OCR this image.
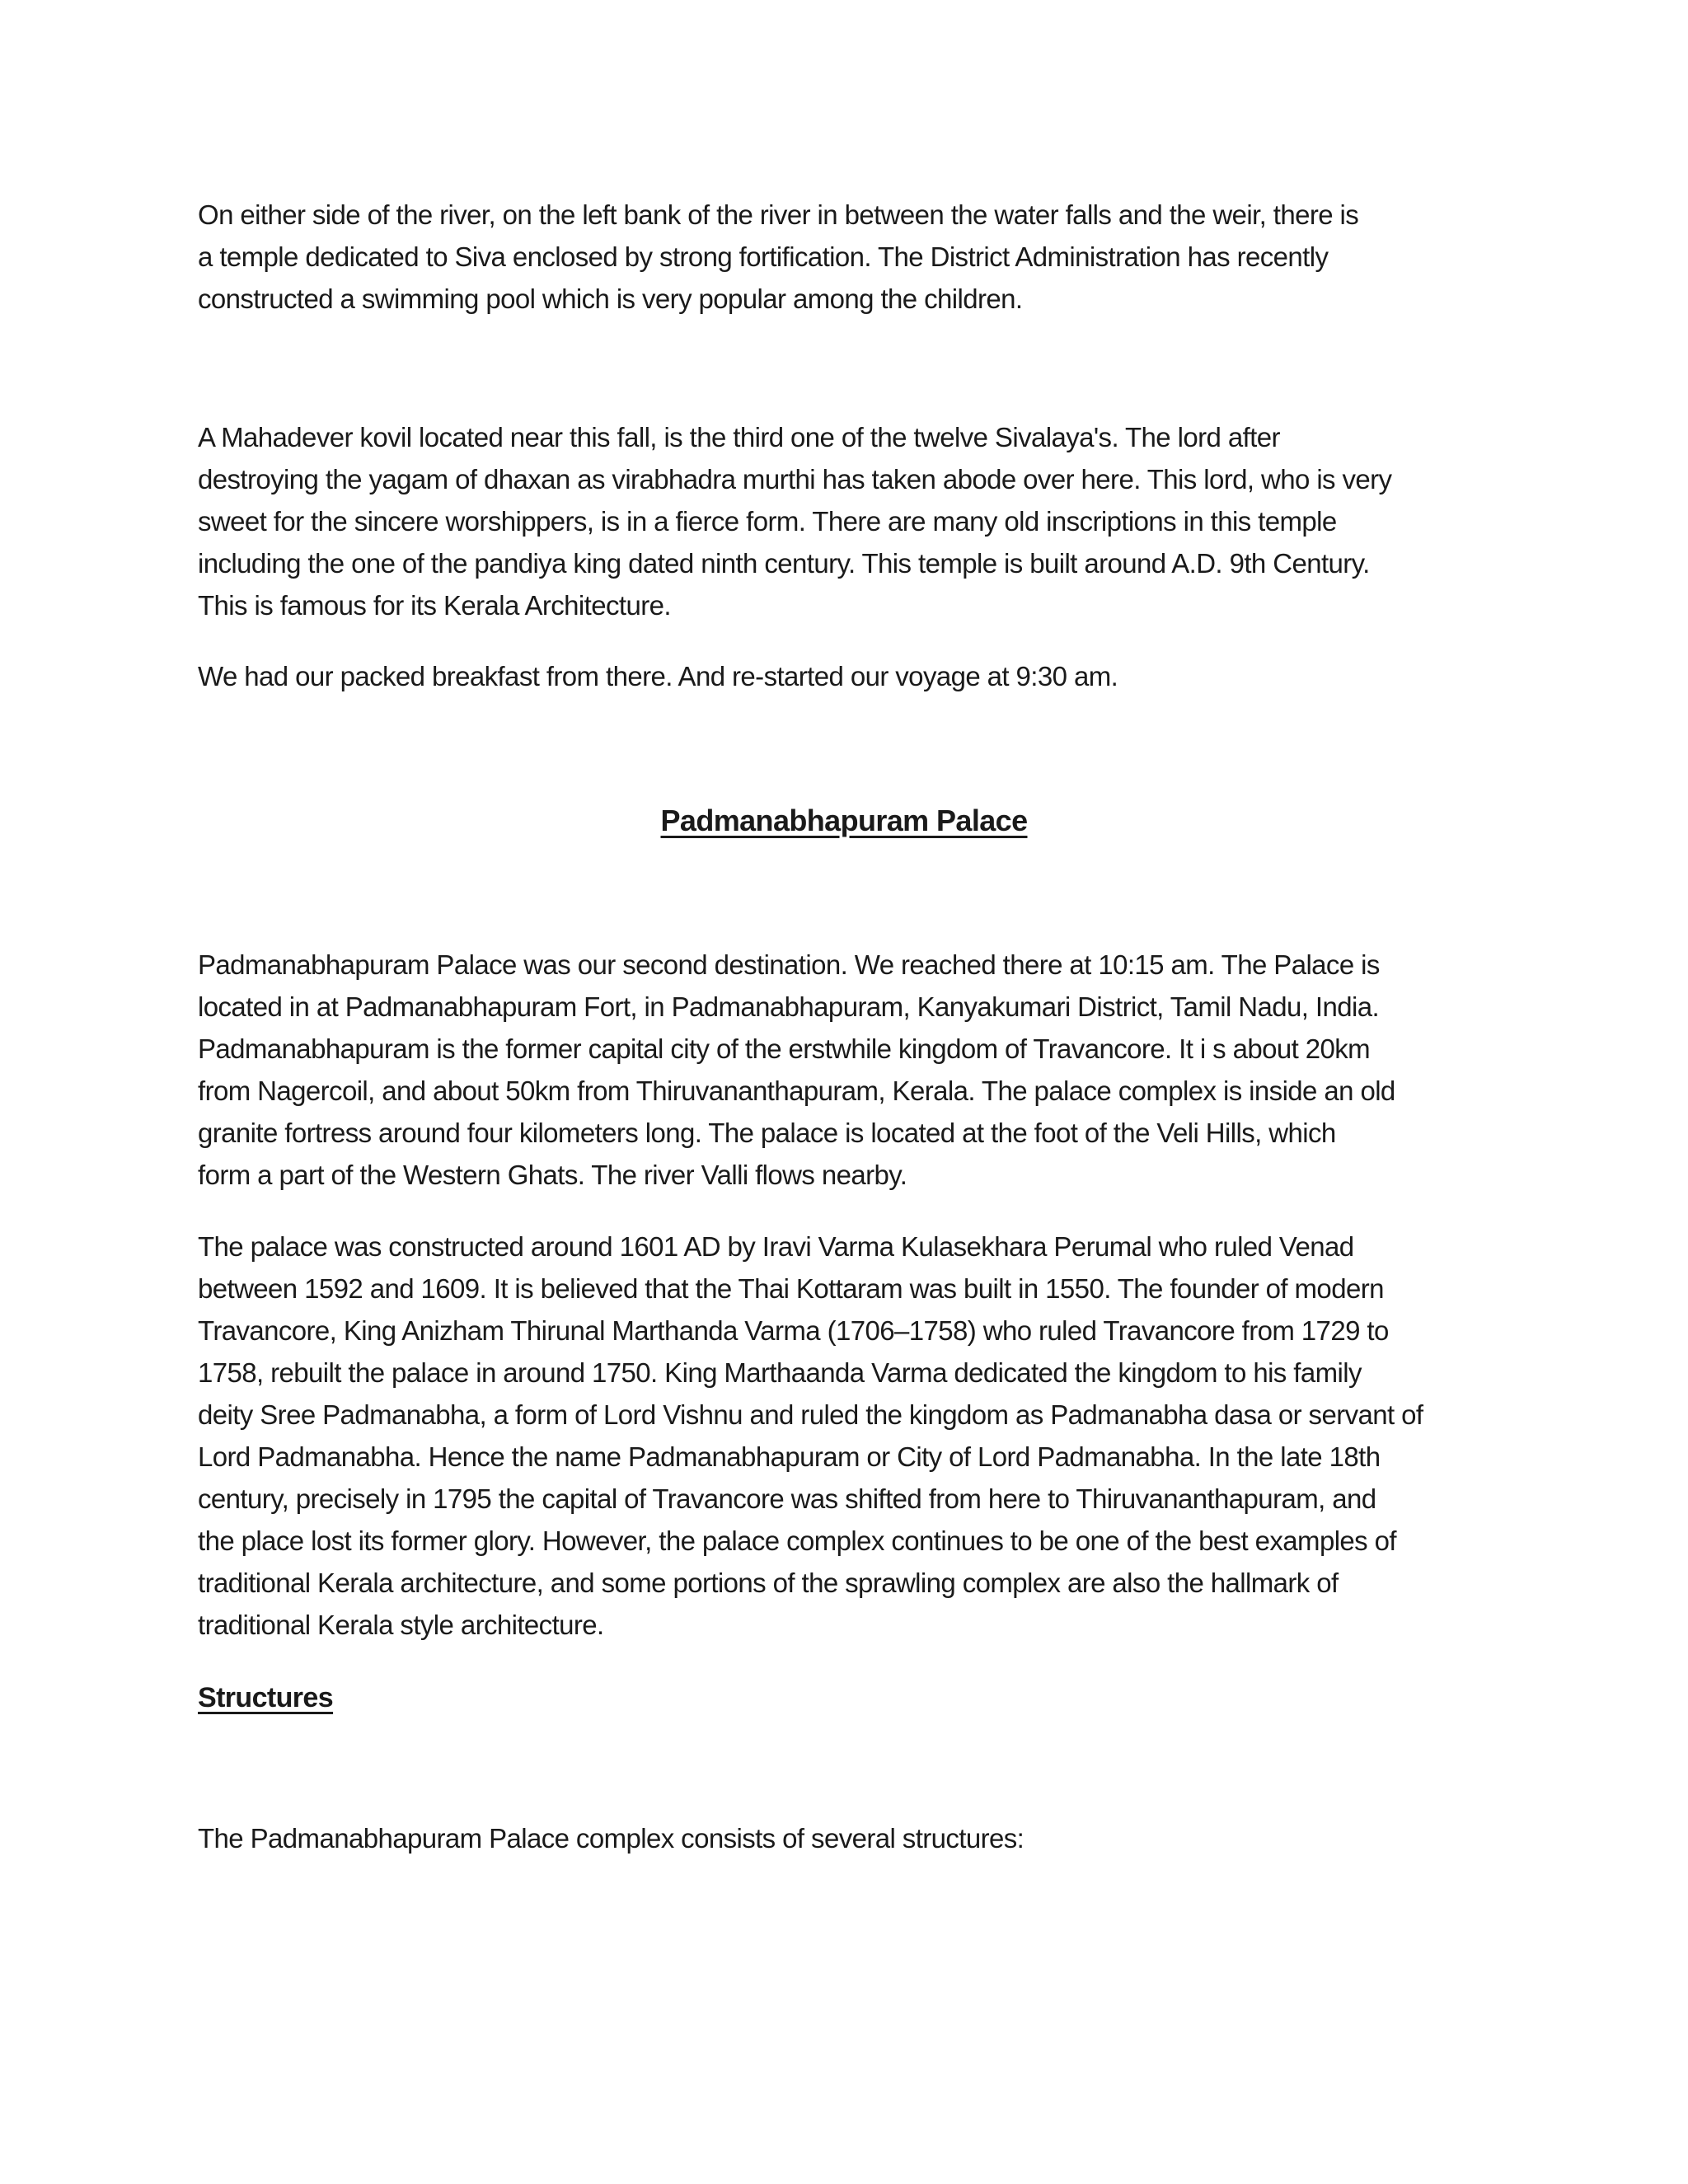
On either side of the river, on the left bank of the river in between the water falls and the weir, there is
a temple dedicated to Siva enclosed by strong fortification. The District Administration has recently
constructed a swimming pool which is very popular among the children.

A Mahadever kovil located near this fall, is the third one of the twelve Sivalaya's. The lord after
destroying the yagam of dhaxan as virabhadra murthi has taken abode over here. This lord, who is very
sweet for the sincere worshippers, is in a fierce form. There are many old inscriptions in this temple
including the one of the pandiya king dated ninth century. This temple is built around A.D. 9th Century.
This is famous for its Kerala Architecture.

We had our packed breakfast from there. And re-started our voyage at 9:30 am.

Padmanabhapuram Palace

Padmanabhapuram Palace was our second destination. We reached there at 10:15 am. The Palace is
located in at Padmanabhapuram Fort, in Padmanabhapuram, Kanyakumari District, Tamil Nadu, India.
Padmanabhapuram is the former capital city of the erstwhile kingdom of Travancore. It i s about 20km
from Nagercoil, and about 50km from Thiruvananthapuram, Kerala. The palace complex is inside an old
granite fortress around four kilometers long. The palace is located at the foot of the Veli Hills, which
form a part of the Western Ghats. The river Valli flows nearby.

The palace was constructed around 1601 AD by Iravi Varma Kulasekhara Perumal who ruled Venad
between 1592 and 1609. It is believed that the Thai Kottaram was built in 1550. The founder of modern
Travancore, King Anizham Thirunal Marthanda Varma (1706–1758) who ruled Travancore from 1729 to
1758, rebuilt the palace in around 1750. King Marthaanda Varma dedicated the kingdom to his family
deity Sree Padmanabha, a form of Lord Vishnu and ruled the kingdom as Padmanabha dasa or servant of
Lord Padmanabha. Hence the name Padmanabhapuram or City of Lord Padmanabha. In the late 18th
century, precisely in 1795 the capital of Travancore was shifted from here to Thiruvananthapuram, and
the place lost its former glory. However, the palace complex continues to be one of the best examples of
traditional Kerala architecture, and some portions of the sprawling complex are also the hallmark of
traditional Kerala style architecture.

Structures

The Padmanabhapuram Palace complex consists of several structures:
